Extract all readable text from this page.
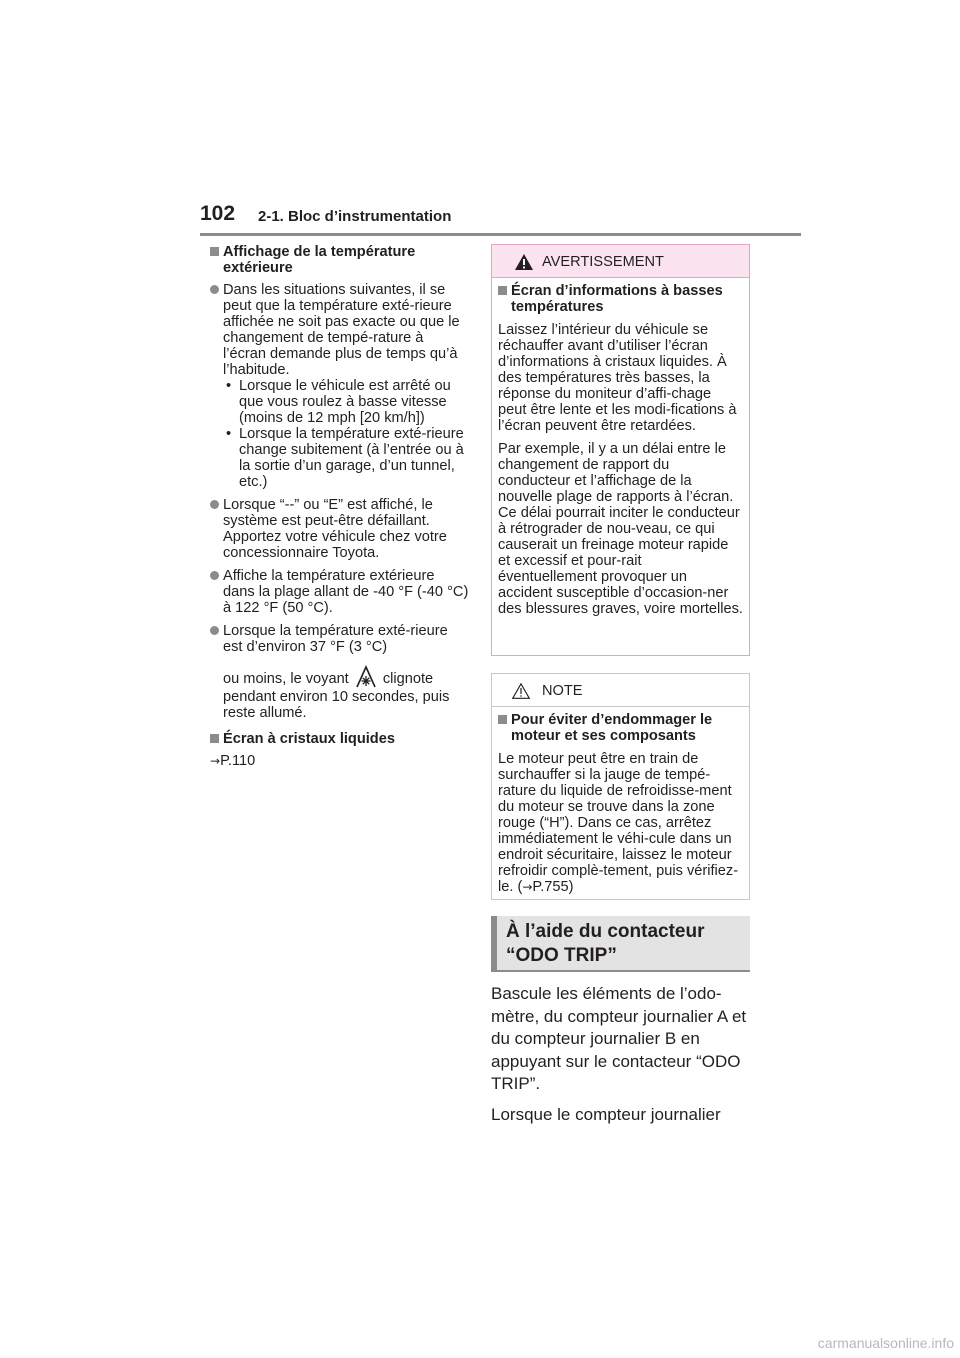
102 2-1. Bloc d’instrumentation
Affichage de la température extérieure
Dans les situations suivantes, il se peut que la température exté-rieure affichée ne soit pas exacte ou que le changement de tempé-rature à l’écran demande plus de temps qu’à l’habitude.
• Lorsque le véhicule est arrêté ou que vous roulez à basse vitesse (moins de 12 mph [20 km/h])
• Lorsque la température exté-rieure change subitement (à l’entrée ou à la sortie d’un garage, d’un tunnel, etc.)
Lorsque “--” ou “E” est affiché, le système est peut-être défaillant. Apportez votre véhicule chez votre concessionnaire Toyota.
Affiche la température extérieure dans la plage allant de -40 °F (-40 °C) à 122 °F (50 °C).
Lorsque la température exté-rieure est d’environ 37 °F (3 °C)
ou moins, le voyant clignote pendant environ 10 secondes, puis reste allumé.
Écran à cristaux liquides
→P.110
AVERTISSEMENT
Écran d’informations à basses températures

Laissez l’intérieur du véhicule se réchauffer avant d’utiliser l’écran d’informations à cristaux liquides. À des températures très basses, la réponse du moniteur d’affi-chage peut être lente et les modi-fications à l’écran peuvent être retardées.

Par exemple, il y a un délai entre le changement de rapport du conducteur et l’affichage de la nouvelle plage de rapports à l’écran. Ce délai pourrait inciter le conducteur à rétrograder de nou-veau, ce qui causerait un freinage moteur rapide et excessif et pour-rait éventuellement provoquer un accident susceptible d’occasion-ner des blessures graves, voire mortelles.

NOTE
Pour éviter d’endommager le moteur et ses composants

Le moteur peut être en train de surchauffer si la jauge de tempé-rature du liquide de refroidisse-ment du moteur se trouve dans la zone rouge (“H”). Dans ce cas, arrêtez immédiatement le véhi-cule dans un endroit sécuritaire, laissez le moteur refroidir complè-tement, puis vérifiez-le. (→P.755)

À l’aide du contacteur “ODO TRIP”

Bascule les éléments de l’odo-mètre, du compteur journalier A et du compteur journalier B en appuyant sur le contacteur “ODO TRIP”.

Lorsque le compteur journalier

carmanualsonline.info
